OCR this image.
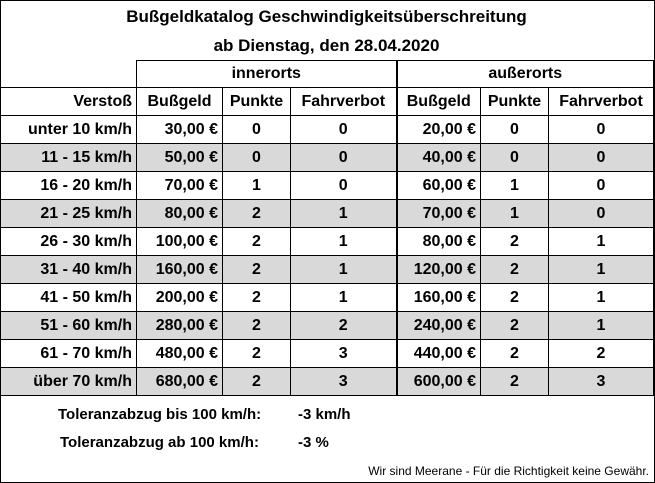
Bußgeldkatalog Geschwindigkeitsüberschreitung
ab Dienstag, den 28.04.2020
	innerorts			außerorts		
Verstoß	Bußgeld	Punkte	Fahrverbot	Bußgeld	Punkte	Fahrverbot
unter 10 km/h	30,00 €	0	0	20,00 €	0	0
11 - 15 km/h	50,00 €	0	0	40,00 €	0	0
16 - 20 km/h	70,00 €	1	0	60,00 €	1	0
21 - 25 km/h	80,00 €	2	1	70,00 €	1	0
26 - 30 km/h	100,00 €	2	1	80,00 €	2	1
31 - 40 km/h	160,00 €	2	1	120,00 €	2	1
41 - 50 km/h	200,00 €	2	1	160,00 €	2	1
51 - 60 km/h	280,00 €	2	2	240,00 €	2	1
61 - 70 km/h	480,00 €	2	3	440,00 €	2	2
über 70 km/h	680,00 €	2	3	600,00 €	2	3
Toleranzabzug bis 100 km/h: -3 km/h
Toleranzabzug ab 100 km/h:	-3 %
Wir sind Meerane - Für die Richtigkeit keine Gewähr.
